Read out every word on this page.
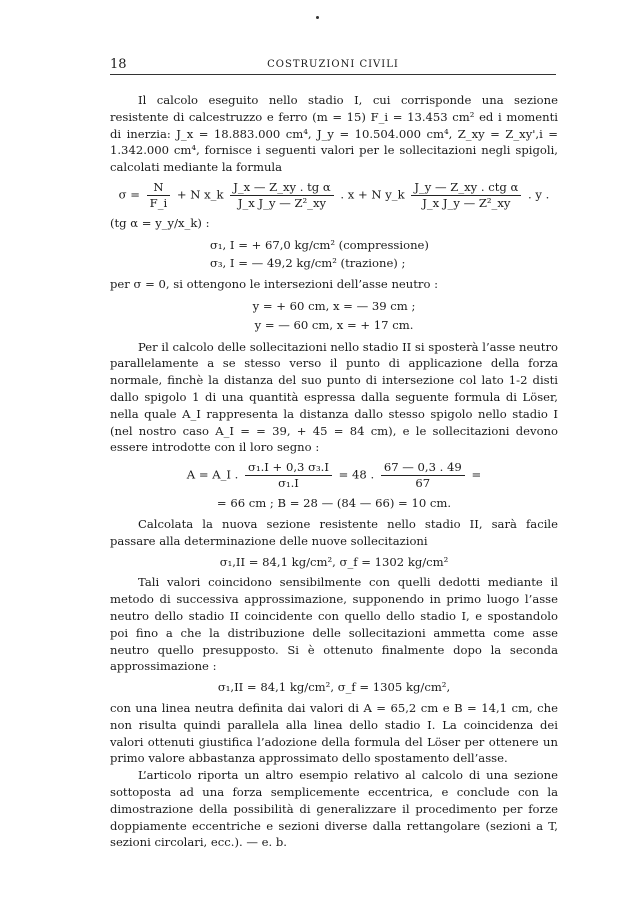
18	COSTRUZIONI CIVILI

Il calcolo eseguito nello stadio I, cui corrisponde una sezione resistente di calcestruzzo e ferro (m = 15) F_i = 13.453 cm² ed i momenti di inerzia: J_x = 18.883.000 cm⁴, J_y = 10.504.000 cm⁴, Z_xy = Z_xy',i = 1.342.000 cm⁴, fornisce i seguenti valori per le sollecitazioni negli spigoli, calcolati mediante la formula

$\sigma = \frac{N}{F\_i} + N$ x_k $\frac{\text{J\_x — Z\_xy . tg α}}{\text{J\_x J\_y — Z²\_xy}}$ . x + N y_k $\frac{\text{J\_y — Z\_xy . ctg α}}{\text{J\_x J\_y — Z²\_xy}}$ . y .
(tg α = y_y/x_k) :
σ₁, I = + 67,0 kg/cm² (compressione)
σ₃, I = — 49,2 kg/cm² (trazione) ;

per σ = 0, si ottengono le intersezioni dell’asse neutro :

y = + 60 cm, x = — 39 cm ;
y = — 60 cm, x = + 17 cm.

Per il calcolo delle sollecitazioni nello stadio II si sposterà l’asse neutro parallelamente a se stesso verso il punto di applicazione della forza normale, finchè la distanza del suo punto di intersezione col lato 1-2 disti dallo spigolo 1 di una quantità espressa dalla seguente formula di Löser, nella quale A_I rappresenta la distanza dallo stesso spigolo nello stadio I (nel nostro caso A_I = = 39, + 45 = 84 cm), e le sollecitazioni devono essere introdotte con il loro segno :

A = A_I . $\frac{\text{σ₁.I + 0,3 σ₃.I}}{\text{σ₁.I}} = 48$ . $\frac{67 — 0,3 . 49}{67}$ =
= 66 cm ; B = 28 — (84 — 66) = 10 cm.

Calcolata la nuova sezione resistente nello stadio II, sarà facile passare alla determinazione delle nuove sollecitazioni

σ₁,II = 84,1 kg/cm², σ_f = 1302 kg/cm²

Tali valori coincidono sensibilmente con quelli dedotti mediante il metodo di successiva approssimazione, supponendo in primo luogo l’asse neutro dello stadio II coincidente con quello dello stadio I, e spostandolo poi fino a che la distribuzione delle sollecitazioni ammetta come asse neutro quello presupposto. Si è ottenuto finalmente dopo la seconda approssimazione :

σ₁,II = 84,1 kg/cm², σ_f = 1305 kg/cm²,

con una linea neutra definita dai valori di A = 65,2 cm e B = 14,1 cm, che non risulta quindi parallela alla linea dello stadio I. La coincidenza dei valori ottenuti giustifica l’adozione della formula del Löser per ottenere un primo valore abbastanza approssimato dello spostamento dell’asse.

L’articolo riporta un altro esempio relativo al calcolo di una sezione sottoposta ad una forza semplicemente eccentrica, e conclude con la dimostrazione della possibilità di generalizzare il procedimento per forze doppiamente eccentriche e sezioni diverse dalla rettangolare (sezioni a T, sezioni circolari, ecc.). — e. b.
